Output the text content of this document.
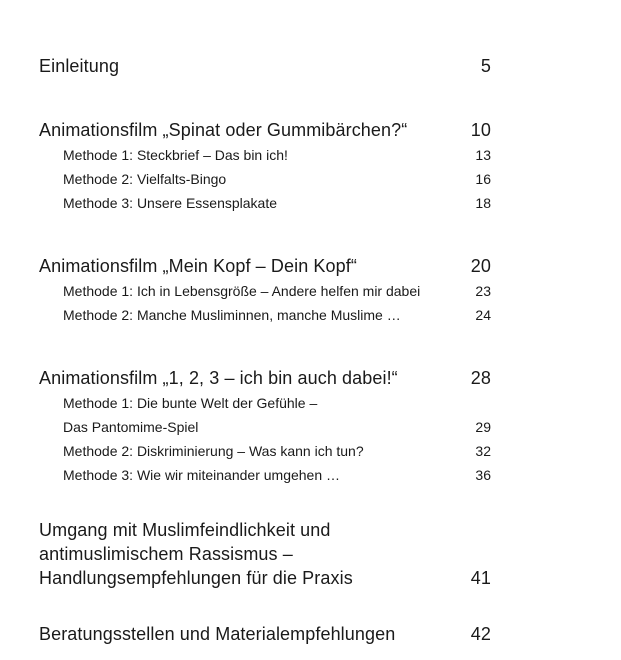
Einleitung	5
Animationsfilm „Spinat oder Gummibärchen?“	10
Methode 1: Steckbrief – Das bin ich!	13
Methode 2: Vielfalts-Bingo	16
Methode 3: Unsere Essensplakate	18
Animationsfilm „Mein Kopf – Dein Kopf“	20
Methode 1: Ich in Lebensgröße – Andere helfen mir dabei	23
Methode 2: Manche Musliminnen, manche Muslime …	24
Animationsfilm „1, 2, 3 – ich bin auch dabei!“	28
Methode 1: Die bunte Welt der Gefühle –
Das Pantomime-Spiel	29
Methode 2: Diskriminierung – Was kann ich tun?	32
Methode 3: Wie wir miteinander umgehen …	36
Umgang mit Muslimfeindlichkeit und
antimuslimischem Rassismus –
Handlungsempfehlungen für die Praxis	41
Beratungsstellen und Materialempfehlungen	42
